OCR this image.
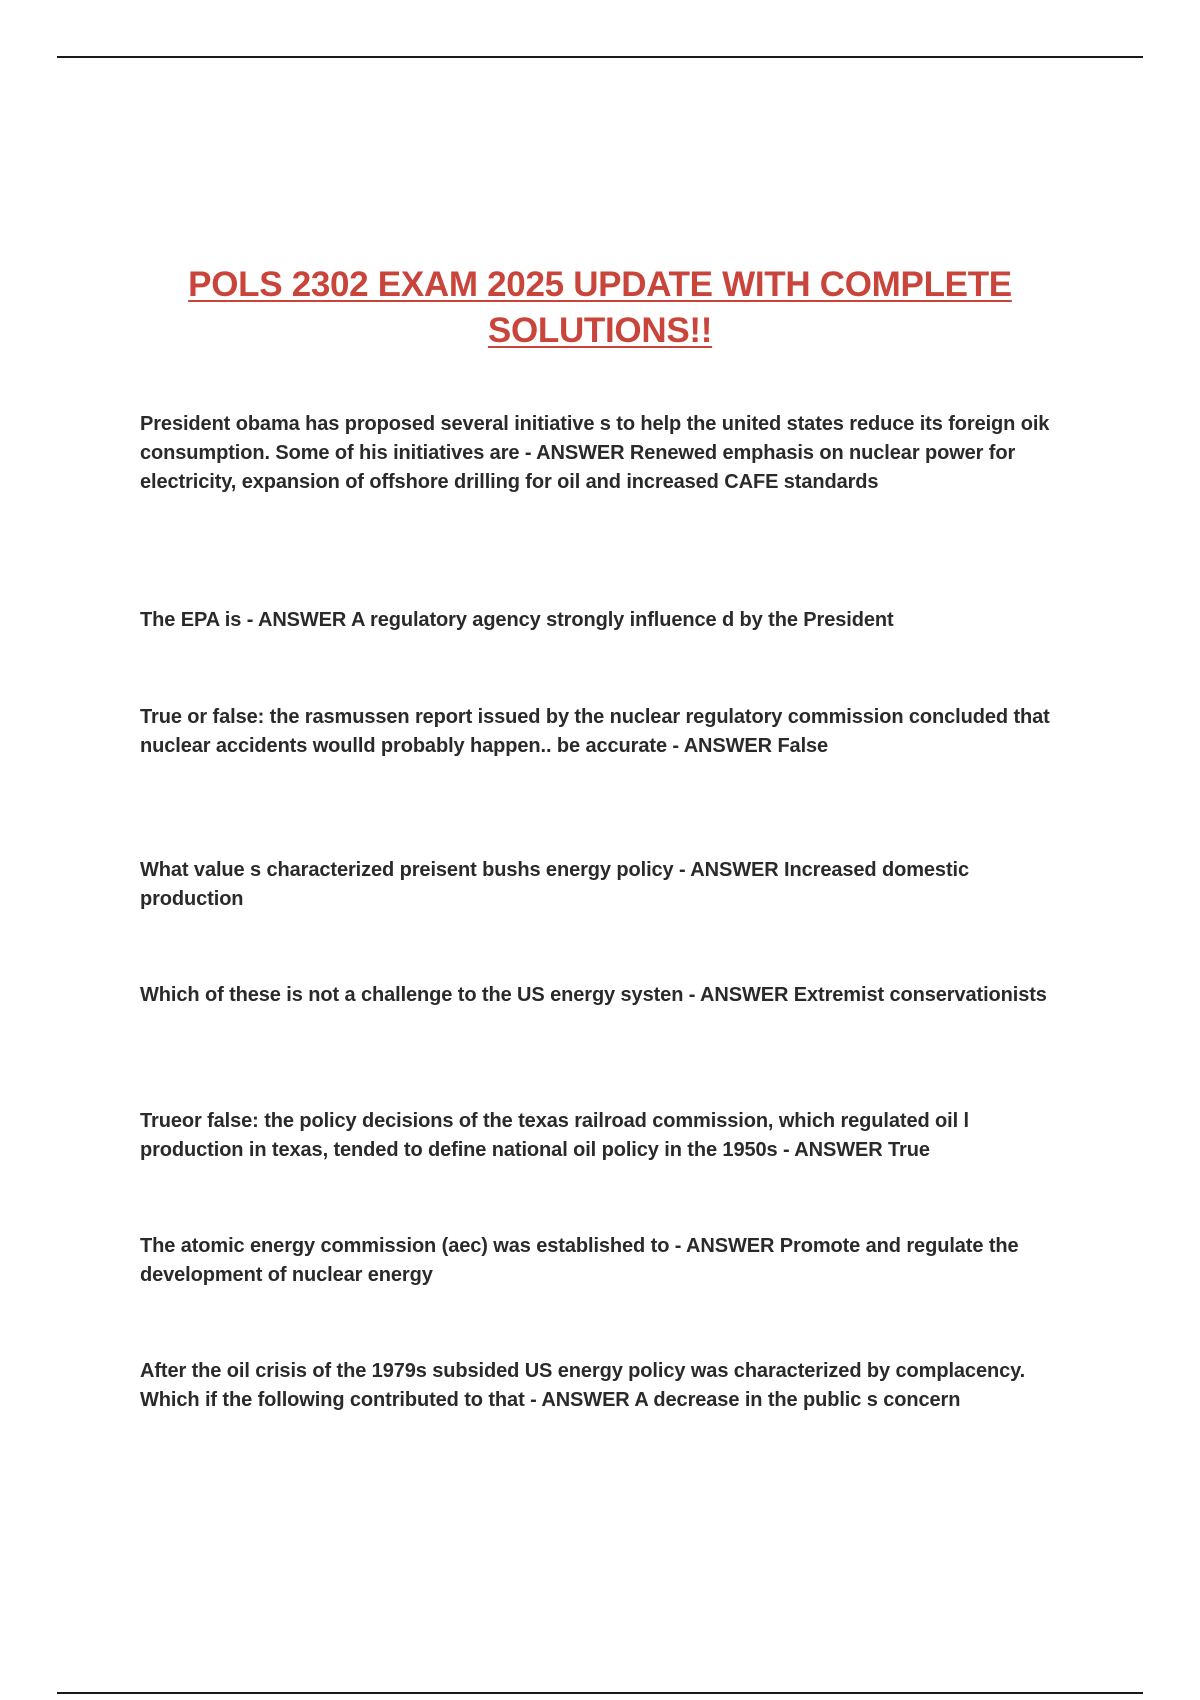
POLS 2302 EXAM 2025 UPDATE WITH COMPLETE
SOLUTIONS!!

President obama has proposed several initiative s to help the united states reduce its foreign oik consumption. Some of his initiatives are - ANSWER Renewed emphasis on nuclear power for electricity, expansion of offshore drilling for oil and increased CAFE standards

The EPA is - ANSWER A regulatory agency strongly influence d by the President

True or false: the rasmussen report issued by the nuclear regulatory commission concluded that nuclear accidents woulld probably happen.. be accurate - ANSWER False

What value s characterized preisent bushs energy policy - ANSWER Increased domestic production

Which of these is not a challenge to the US energy systen - ANSWER Extremist conservationists

Trueor false: the policy decisions of the texas railroad commission, which regulated oil l production in texas, tended to define national oil policy in the 1950s - ANSWER True

The atomic energy commission (aec) was established to - ANSWER Promote and regulate the development of nuclear energy

After the oil crisis of the 1979s subsided US energy policy was characterized by complacency. Which if the following contributed to that - ANSWER A decrease in the public s concern
